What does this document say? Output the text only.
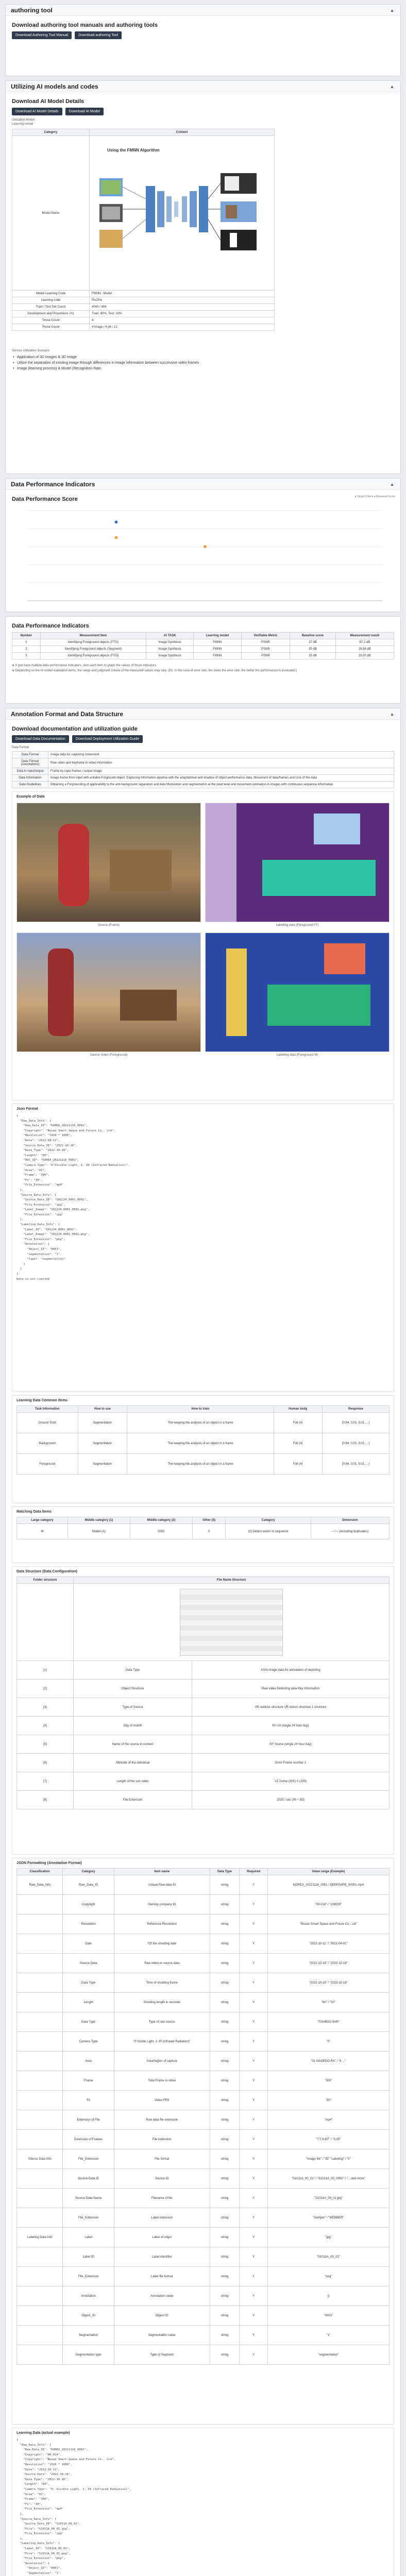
authoring tool	▲
Download authoring tool manuals and authoring tools
Download Authoring Tool Manual	Download authoring Tool
Utilizing AI models and codes	▲
Download AI Model Details
Download AI Model Details	Download AI Model
Utilization Model
Learning model
Category	Content
Model Name	Using the FMNN Algorithm

Model Learning Code	FMNN - Model
Learning code	Pix2Pix
Train / Test Set Count	4040 / 404
Development and Proportions (%)	Train: 90%, Test: 10%
Those Count	4
Those Count	4 image / 4 ph / 12
Service Utilization Scenario
• Application of 3D images & 3D image
• Utilize the separation of existing image through differences in image information between successive video frames
• Image (learning process) & Model (Recognition Rate
Data Performance Indicators	▲
Data Performance Score	● Target Criteria ● Measured Score
Data Performance Indicators
Number	Measurement Item	AI TASK	Learning model	Verifiable Metric	Baseline score	Measurement result
1	Identifying Foreground objects (FTO)	Image Synthesis	FMNN	PSNR	27 dB	87.2 dB
2	Identifying Foreground objects (Segment)	Image Synthesis	FMNN	PSNR	25 dB	28.58 dB
3	Identifying Foreground objects (FTO)	Image Synthesis	FMNN	PSNR	25 dB	25.00 dB
※ If you have multiple data performance indicators, click each item to graph the values of those indicators.
※ Depending on the AI model evaluation items, the range and judgment criteria of the measured values may vary. (Ex. In the case of error rate, the lower the error rate, the better the performance is evaluated.)
Annotation Format and Data Structure	▲
Download documentation and utilization guide
Download Data Documentation	Download Deployment Utilization Guide
Data Format
Data Format	Image data for capturing movement
Data Format (Annotations)	Raw video and keyframe in video information
Data in input/output	Frame by input frames / output image
Data Information	Image frame from input with unitable Forground object, Capturing information pipeline with the adaptational and shadow of object performance data, Movement of data/frames and Line of the data
Data Guidelines	Obtaining a Forgrounding of applicability to the anti-background separation and data Modulation and segmentation at the pixel level and movement estimation in images with continuous sequence information
Example of Data
Source (Frame)	Labelling data (Foreground FT)
Source Video (Foreground)	Labelling data (Foreground M)
Json Format
{
"Raw_Data_Info": {
"Raw_Data_ID": "KOREA_20221116_0001",
"Copyright": "Busan Smart Space and Future Co., Ltd",
"Resolution": "1920 * 1080",
"Date": "2022-10-11",
"Source Data_ID": "2022-10-16",
"Data_Type": "2022-10-16",
"Length": "60",
"DOC_ID": "KOREA_20221116_0001",
"Camera Type": "0:Visible Light, 1: IR (Infrared Radiation)",
"Area": "01",
"Frame": "300",
"Fs": "30",
"File_Extension": "mp4"
},
"Source_Data_Info": {
"Source_Data_ID": "S01234_0001_0001",
"File_Extension": "jpg",
"Label_Image": "S01234_0001_0001.png",
"File_Extension": "jpg"
},
"Labeling_Data_Info": {
"Label_ID": "S01234_0001_0001",
"Label_Image": "S01234_0001_0001.png",
"File_Extension": "png",
"Annotation": {
"Object_ID": "0001",
"segmentation": "1",
"type": "segmentation"
}
}
}
Data is not limited

Learning Data Common Items
Task Information	How to use	How to train	Human body	Response
Ground Truth	Segmentation	The keeping the analysis of an object in a frame	Full (4)	[0:84, 0:01, 0:01, ...]
Background	Segmentation	The keeping the analysis of an object in a frame	Full (4)	[0:84, 0:01, 0:01, ...]
Foreground	Segmentation	The keeping the analysis of an object in a frame	Full (4)	[0:84, 0:01, 0:01, ...]
Matching Data Items
Large category	Middle category (1)	Middle category (2)	Other (5)	Category	Dimension
M	Model (A)	0002	0	(2) Detect action in sequence	-- / -- (including duplicates)
Data Structure (Data Configuration)
Folder structure	File Name Structure	

[1]	Data Type	ASIA image data for annotation of depicting
[2]	Object Structure	Raw video Detecting data Key Information
[3]	Type of Source	VR outdoor structure VR indoor structure 1 structure
[4]	Day of month	00~24 (single 24 hour day)
[5]	Name of the source in context	NY Scene (single 24 hour day)
[6]	Attribute of the individual	Dmin Frame number 1
[7]	Length of the sub video	VZ Dome (20K) 0 (200)
[8]	File Extension	2020 / sec (00 ~ 50)
JSON Formatting (Annotation Format)
Classification	Category	Item name	Data Type	Required	Value range (Example)
Raw_Data_Info	Raw_Data_ID	Unique Raw data ID	string	Y	KOREA_20221116_0001 / DEEPSAFE_00001.mp4
	Copyright	Owning company ID	string	Y	"00-014" / "c00000"
	Resolution	Reference Resolution	string	Y	"Busan Smart Space and Future Co., Ltd"
	Date	*Of the shooting date	string	Y	"2022-10-11" / "2021-04-01"
	Source Data	Raw video or source data	string	Y	"2022-10-16" / "2022-10-16"
	Data Type	Time of shooting frame	string	Y	"2022-10-16" / "2023-10-16"
	Length	Shooting length in seconds	string	Y	"60" / "20"
	Data Type	Type of raw source	string	Y	"TGHBVG 5HR"
	Camera Type	"0:Visible Light, 1: IR (Infrared Radiation)"	string	Y	"0"
	Area	Area/region of capture	string	Y	"01 NAGEDO RA" / "6 ..."
	Frame	Total Frame in video	string	Y	"300"
	Fs	Video FPS	string	Y	"30"
	Extension of File	Raw data file extension	string	Y	"mp4"
	Extension of Frames	File extension	string	Y	"T.T.H.BT" / "0.00"
Source Data Info	File_Extension	File format	string	Y	"Image file" / "ID" "Labeling" / "0"
	Source Data ID	Source ID	string	Y	"S1011A_00_01" / "S1011A_00_0002" / "... and more"
	Source Data Name	Filename of file	string	Y	"S1011A_00_01.jpg"
	File_Extension	Label extension	string	Y	"Sample" / "WEBBER"
Labeling Data Info	Label	Label of origin	string	Y	"jpg"
	Label ID	Label identifier	string	Y	"S1011A_00_01"
	File_Extension	Label file format	string	Y	"png"
	Annotation	Annotation value	string	Y	{}
	Object_ID	Object ID	string	Y	"0001"
	Segmentation	Segmentation value	string	Y	"1"
	Segmentation type	Type of Segment	string	Y	"segmentation"
Learning Data (actual example)
{
"Raw_Data_Info": {
"Raw_Data_ID": "KOREA_20221116_0001",
"Copyright": "00-014",
"Copyright": "Busan Smart Space and Future Co., Ltd",
"Resolution": "1920 * 1080",
"Date": "2022-10-11",
"Source Data": "2022-10-16",
"Data Type": "2022-10-16",
"Length": "60",
"Camera Type": "0: Visible Light, 1: IR (Infrared Radiation)",
"Area": "01",
"Frame": "300",
"Fs": "30",
"File_Extension": "mp4"
},
"Source_Data_Info": {
"Source_Data_ID": "S1011A_00_01",
"File": "S1011A_00_01.jpg",
"File_Extension": "jpg"
},
"Labeling_Data_Info": {
"Label_ID": "S1011A_00_01",
"File": "S1011A_00_01.png",
"File_Extension": "png",
"Annotation": {
"Object_ID": "0001",
"Segmentation": "1",
